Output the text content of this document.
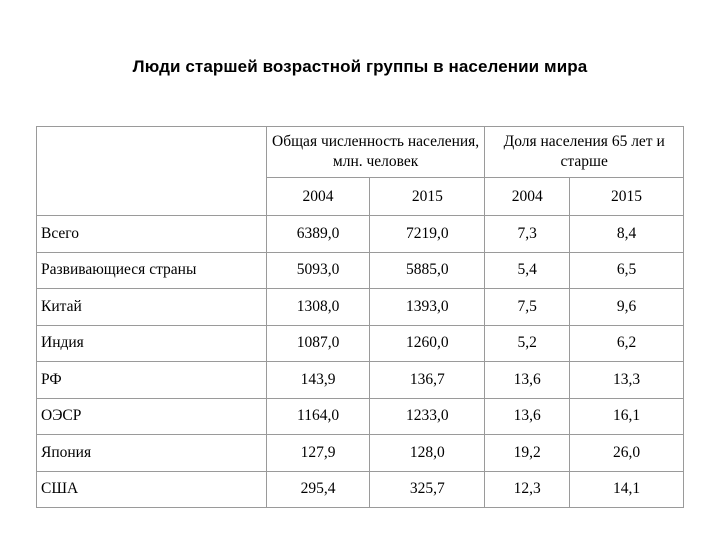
Люди старшей возрастной группы в населении мира
	Общая численность населения, млн. человек		Доля населения 65 лет и старше	
	2004	2015	2004	2015
Всего	6389,0	7219,0	7,3	8,4
Развивающиеся страны	5093,0	5885,0	5,4	6,5
Китай	1308,0	1393,0	7,5	9,6
Индия	1087,0	1260,0	5,2	6,2
РФ	143,9	136,7	13,6	13,3
ОЭСР	1164,0	1233,0	13,6	16,1
Япония	127,9	128,0	19,2	26,0
США	295,4	325,7	12,3	14,1
